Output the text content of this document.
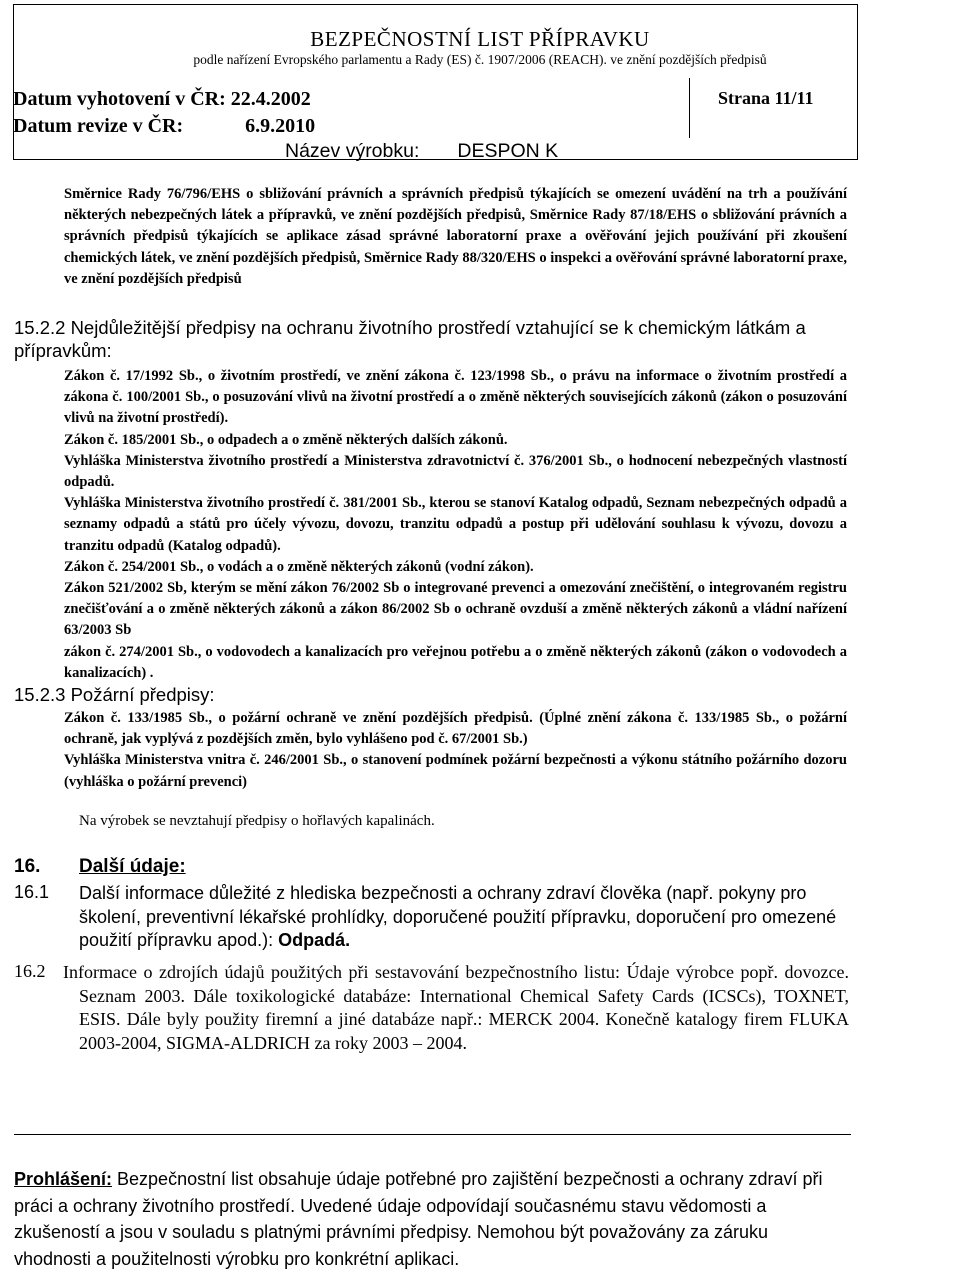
BEZPEČNOSTNÍ LIST PŘÍPRAVKU
podle nařízení Evropského parlamentu a Rady (ES) č. 1907/2006 (REACH). ve znění pozdějších předpisů
Datum vyhotovení v ČR: 22.4.2002
Datum revize v ČR:	6.9.2010
Strana 11/11
Název výrobku: DESPON K
Směrnice Rady 76/796/EHS o sbližování právních a správních předpisů týkajících se omezení uvádění na trh a používání některých nebezpečných látek a přípravků, ve znění pozdějších předpisů, Směrnice Rady 87/18/EHS o sbližování právních a správních předpisů týkajících se aplikace zásad správné laboratorní praxe a ověřování jejich používání při zkoušení chemických látek, ve znění pozdějších předpisů, Směrnice Rady 88/320/EHS o inspekci a ověřování správné laboratorní praxe, ve znění pozdějších předpisů
15.2.2 Nejdůležitější předpisy na ochranu životního prostředí vztahující se k chemickým látkám a přípravkům:
Zákon č. 17/1992 Sb., o životním prostředí, ve znění zákona č. 123/1998 Sb., o právu na informace o životním prostředí a zákona č. 100/2001 Sb., o posuzování vlivů na životní prostředí a o změně některých souvisejících zákonů (zákon o posuzování vlivů na životní prostředí).
Zákon č. 185/2001 Sb., o odpadech a o změně některých dalších zákonů.
Vyhláška Ministerstva životního prostředí a Ministerstva zdravotnictví č. 376/2001 Sb., o hodnocení nebezpečných vlastností odpadů.
Vyhláška Ministerstva životního prostředí č. 381/2001 Sb., kterou se stanoví Katalog odpadů, Seznam nebezpečných odpadů a seznamy odpadů a států pro účely vývozu, dovozu, tranzitu odpadů a postup při udělování souhlasu k vývozu, dovozu a tranzitu odpadů (Katalog odpadů).
Zákon č. 254/2001 Sb., o vodách a o změně některých zákonů (vodní zákon).
Zákon 521/2002 Sb, kterým se mění zákon 76/2002 Sb o integrované prevenci a omezování znečištění, o integrovaném registru znečišťování a o změně některých zákonů a zákon 86/2002 Sb o ochraně ovzduší a změně některých zákonů a vládní nařízení 63/2003 Sb
zákon č. 274/2001 Sb., o vodovodech a kanalizacích pro veřejnou potřebu a o změně některých zákonů (zákon o vodovodech a kanalizacích) .
15.2.3 Požární předpisy:
Zákon č. 133/1985 Sb., o požární ochraně ve znění pozdějších předpisů. (Úplné znění zákona č. 133/1985 Sb., o požární ochraně, jak vyplývá z pozdějších změn, bylo vyhlášeno pod č. 67/2001 Sb.)
Vyhláška Ministerstva vnitra č. 246/2001 Sb., o stanovení podmínek požární bezpečnosti a výkonu státního požárního dozoru (vyhláška o požární prevenci)
Na výrobek se nevztahují předpisy o hořlavých kapalinách.
16. Další údaje:
16.1 Další informace důležité z hlediska bezpečnosti a ochrany zdraví člověka (např. pokyny pro školení, preventivní lékařské prohlídky, doporučené použití přípravku, doporučení pro omezené použití přípravku apod.): Odpadá.
16.2 Informace o zdrojích údajů použitých při sestavování bezpečnostního listu: Údaje výrobce popř. dovozce. Seznam 2003. Dále toxikologické databáze: International Chemical Safety Cards (ICSCs), TOXNET, ESIS. Dále byly použity firemní a jiné databáze např.: MERCK 2004. Konečně katalogy firem FLUKA 2003-2004, SIGMA-ALDRICH za roky 2003 – 2004.
Prohlášení: Bezpečnostní list obsahuje údaje potřebné pro zajištění bezpečnosti a ochrany zdraví při práci a ochrany životního prostředí. Uvedené údaje odpovídají současnému stavu vědomosti a zkušeností a jsou v souladu s platnými právními předpisy. Nemohou být považovány za záruku vhodnosti a použitelnosti výrobku pro konkrétní aplikaci.
